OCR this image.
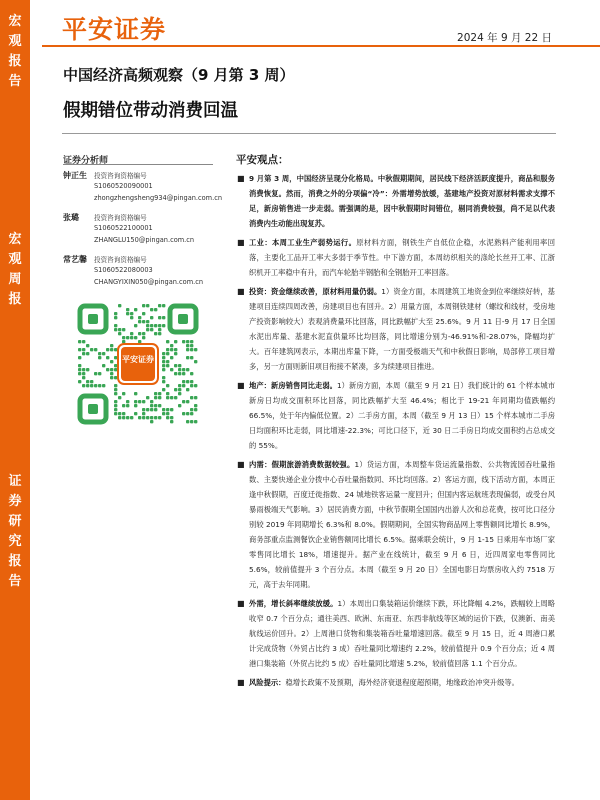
宏
观
报
告
宏
观
周
报
证
券
研
究
报
告
平安证券	2024 年 9 月 22 日
中国经济高频观察（9 月第 3 周）
假期错位带动消费回温
证券分析师
钟正生 投资咨询资格编号
S1060520090001
zhongzhengsheng934@pingan.com.cn
张璐 投资咨询资格编号
S1060522100001
ZHANGLU150@pingan.com.cn
常艺馨 投资咨询资格编号
S1060522080003
CHANGYIXIN050@pingan.com.cn
平安证券
平安观点：
■ 9 月第 3 周，中国经济呈现分化格局。中秋假期期间，居民线下经济活跃度提升，商品和服务消费恢复。然而，消费之外的分项偏“冷”：外需增势放缓，基建地产投资对原材料需求支撑不足，新房销售进一步走弱。需强调的是，因中秋假期时间错位，剔同消费较强，尚不足以代表消费内生动能出现复苏。
■ 工业：本周工业生产弱势运行。原材料方面，钢铁生产自低位企稳，水泥熟料产能利用率回落，主要化工品开工率大多弱于季节性。中下游方面，本周纺织相关的涤纶长丝开工率、江浙织机开工率稳中有升，而汽车轮胎半钢胎和全钢胎开工率回落。
■ 投资：资金继续改善，原材料用量仍弱。1）资金方面，本周建筑工地资金到位率继续好转，基建项目连续四周改善，房建项目也有回升。2）用量方面，本周钢铁建材（螺纹和线材，受房地产投资影响较大）表观消费量环比回落，同比跌幅扩大至 25.6%。9 月 11 日-9 月 17 日全国水泥出库量、基建水泥直供量环比均回落，同比增速分别为-46.91%和-28.07%，降幅均扩大。百年建筑网表示，本期出库量下降，一方面受极端天气和中秋假日影响，局部停工项目增多，另一方面则新旧项目衔接不紧凑，多为续建项目推进。
■ 地产：新房销售同比走弱。1）新房方面，本周（截至 9 月 21 日）我们统计的 61 个样本城市新房日均成交面积环比回落，同比跌幅扩大至 46.4%；相比于 19-21 年同期均值跌幅约 66.5%，处于年内偏低位置。2）二手房方面，本周（截至 9 月 13 日）15 个样本城市二手房日均面积环比走弱，同比增速-22.3%；可比口径下，近 30 日二手房日均成交面积约占总成交的 55%。
■ 内需：假期旅游消费数据较强。1）货运方面，本周整车货运流量指数、公共物流园吞吐量指数、主要快递企业分拨中心吞吐量指数同、环比均回落。2）客运方面，线下活动方面，本周正逢中秋假期，百度迁徙指数、24 城地铁客运量一度回升；但国内客运航班表现偏弱，或受台风暴雨极端天气影响。3）居民消费方面，中秋节假期全国国内出游人次和总花费，按可比口径分别较 2019 年同期增长 6.3%和 8.0%。假期期间，全国实物商品网上零售额同比增长 8.9%，商务部重点监测餐饮企业销售额同比增长 6.5%。据乘联会统计，9 月 1-15 日乘用车市场厂家零售同比增长 18%，增速提升。据产业在线统计，截至 9 月 6 日，近四周家电零售同比 5.6%，较前值提升 3 个百分点。本周（截至 9 月 20 日）全国电影日均票房收入约 7518 万元，高于去年同期。
■ 外需，增长斜率继续放缓。1）本周出口集装箱运价继续下跌，环比降幅 4.2%，跌幅较上周略收窄 0.7 个百分点；通往美西、欧洲、东南亚、东西非航线等区域的运价下跌，仅澳新、南美航线运价回升。2）上周港口货物和集装箱吞吐量增速回落。截至 9 月 15 日，近 4 周港口累计完成货物（外贸占比约 3 成）吞吐量同比增速约 2.2%，较前值提升 0.9 个百分点；近 4 周港口集装箱（外贸占比约 5 成）吞吐量同比增速 5.2%，较前值回落 1.1 个百分点。
■ 风险提示：稳增长政策不及预期，海外经济衰退程度超预期，地缘政治冲突升级等。
